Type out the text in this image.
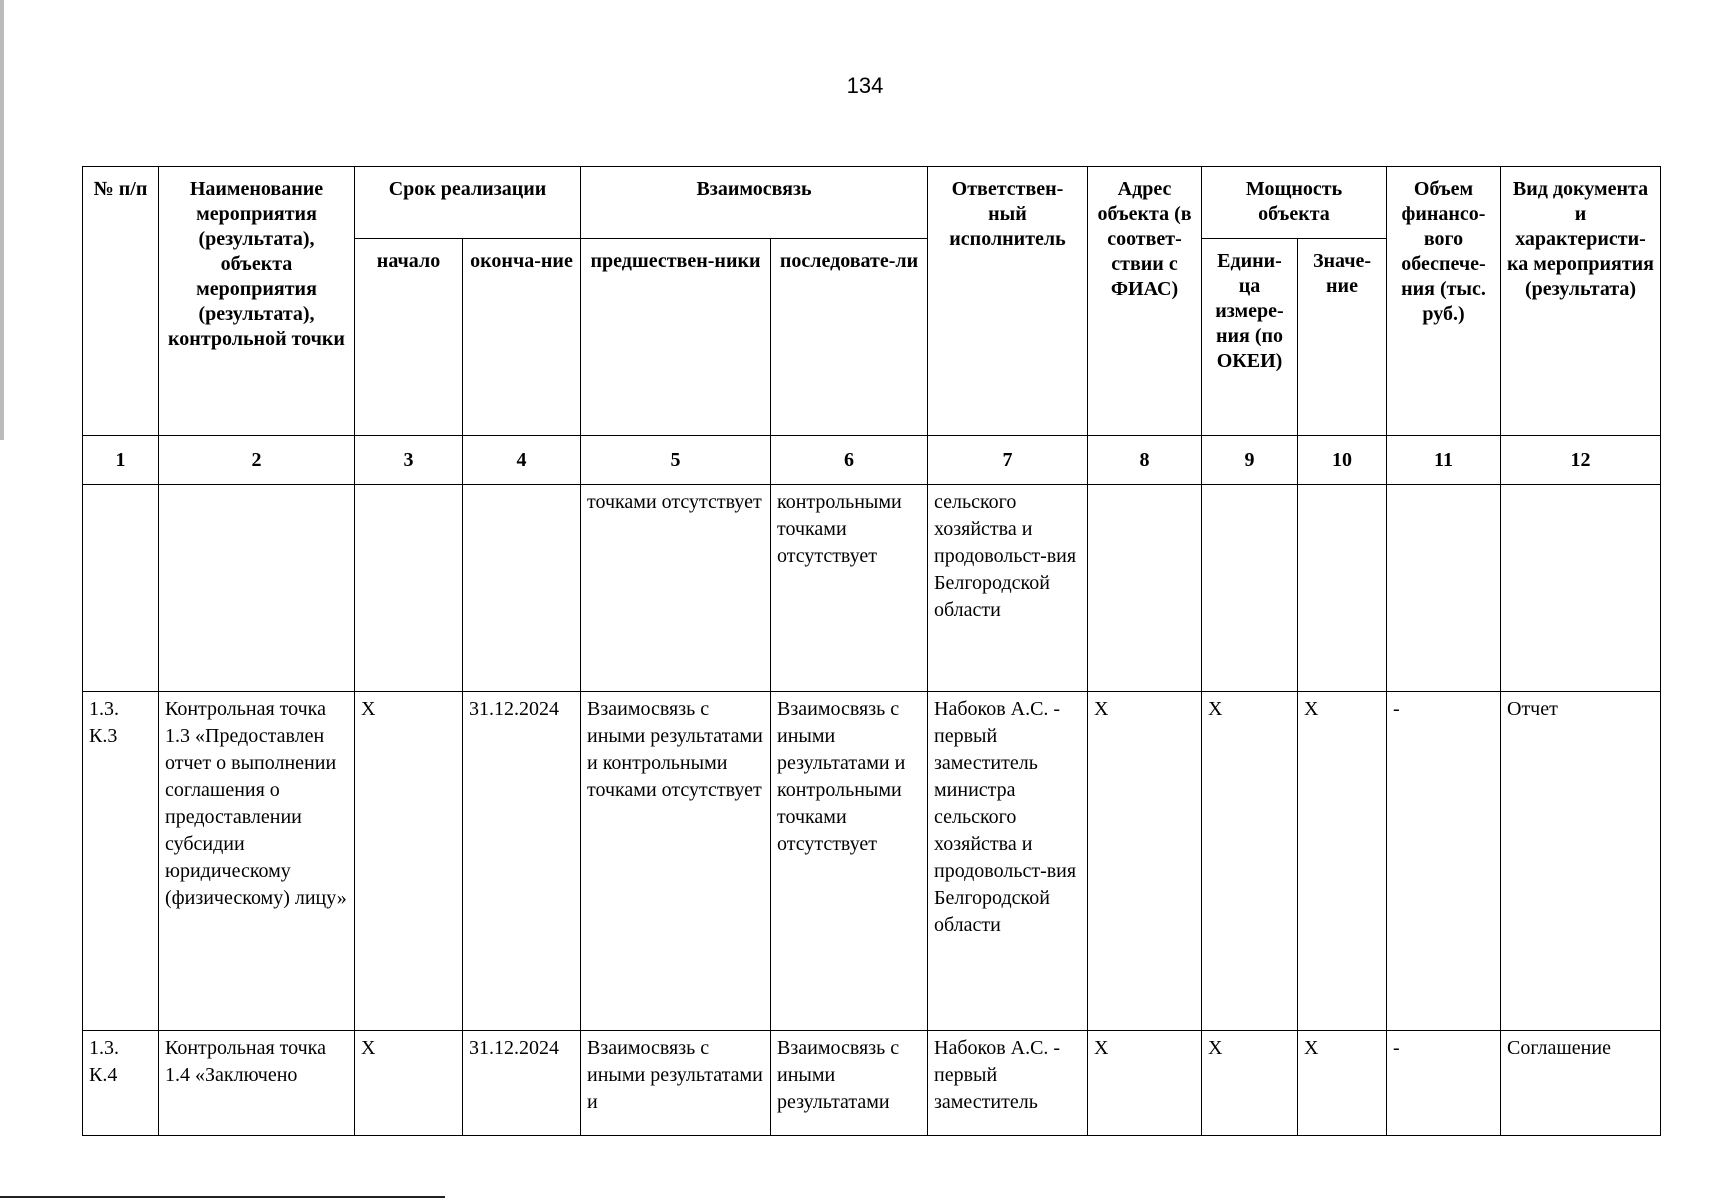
134
№ п/п	Наименование мероприятия (результата), объекта мероприятия (результата), контрольной точки	Срок реализации		Взаимосвязь		Ответствен-ный исполнитель	Адрес объекта (в соответ-ствии с ФИАС)	Мощность объекта		Объем финансо-вого обеспече-ния (тыс. руб.)	Вид документа и характеристи-ка мероприятия (результата)
		начало	оконча-ние	предшествен-ники	последовате-ли			Едини-ца измере-ния (по ОКЕИ)	Значе-ние		
1	2	3	4	5	6	7	8	9	10	11	12
				точками отсутствует	контрольными точками отсутствует	сельского хозяйства и продовольст-вия Белгородской области					
1.3. К.3	Контрольная точка 1.3 «Предоставлен отчет о выполнении соглашения о предоставлении субсидии юридическому (физическому) лицу»	X	31.12.2024	Взаимосвязь с иными результатами и контрольными точками отсутствует	Взаимосвязь с иными результатами и контрольными точками отсутствует	Набоков А.С. - первый заместитель министра сельского хозяйства и продовольст-вия Белгородской области	X	X	X	-	Отчет
1.3. К.4	Контрольная точка 1.4 «Заключено	X	31.12.2024	Взаимосвязь с иными результатами и	Взаимосвязь с иными результатами	Набоков А.С. - первый заместитель	X	X	X	-	Соглашение
